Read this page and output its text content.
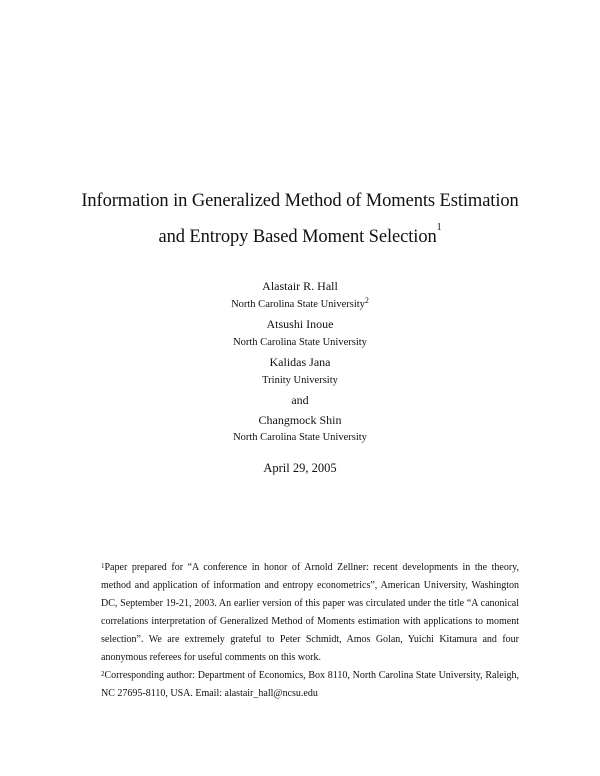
Information in Generalized Method of Moments Estimation
and Entropy Based Moment Selection$^1$
Alastair R. Hall
North Carolina State University$^2$
Atsushi Inoue
North Carolina State University
Kalidas Jana
Trinity University
and
Changmock Shin
North Carolina State University
April 29, 2005
$^1$Paper prepared for “A conference in honor of Arnold Zellner: recent developments in the theory, method and application of information and entropy econometrics”, American University, Washington DC, September 19-21, 2003. An earlier version of this paper was circulated under the title “A canonical correlations interpretation of Generalized Method of Moments estimation with applications to moment selection”. We are extremely grateful to Peter Schmidt, Amos Golan, Yuichi Kitamura and four anonymous referees for useful comments on this work.
$^2$Corresponding author: Department of Economics, Box 8110, North Carolina State University, Raleigh, NC 27695-8110, USA. Email: alastair_hall@ncsu.edu
